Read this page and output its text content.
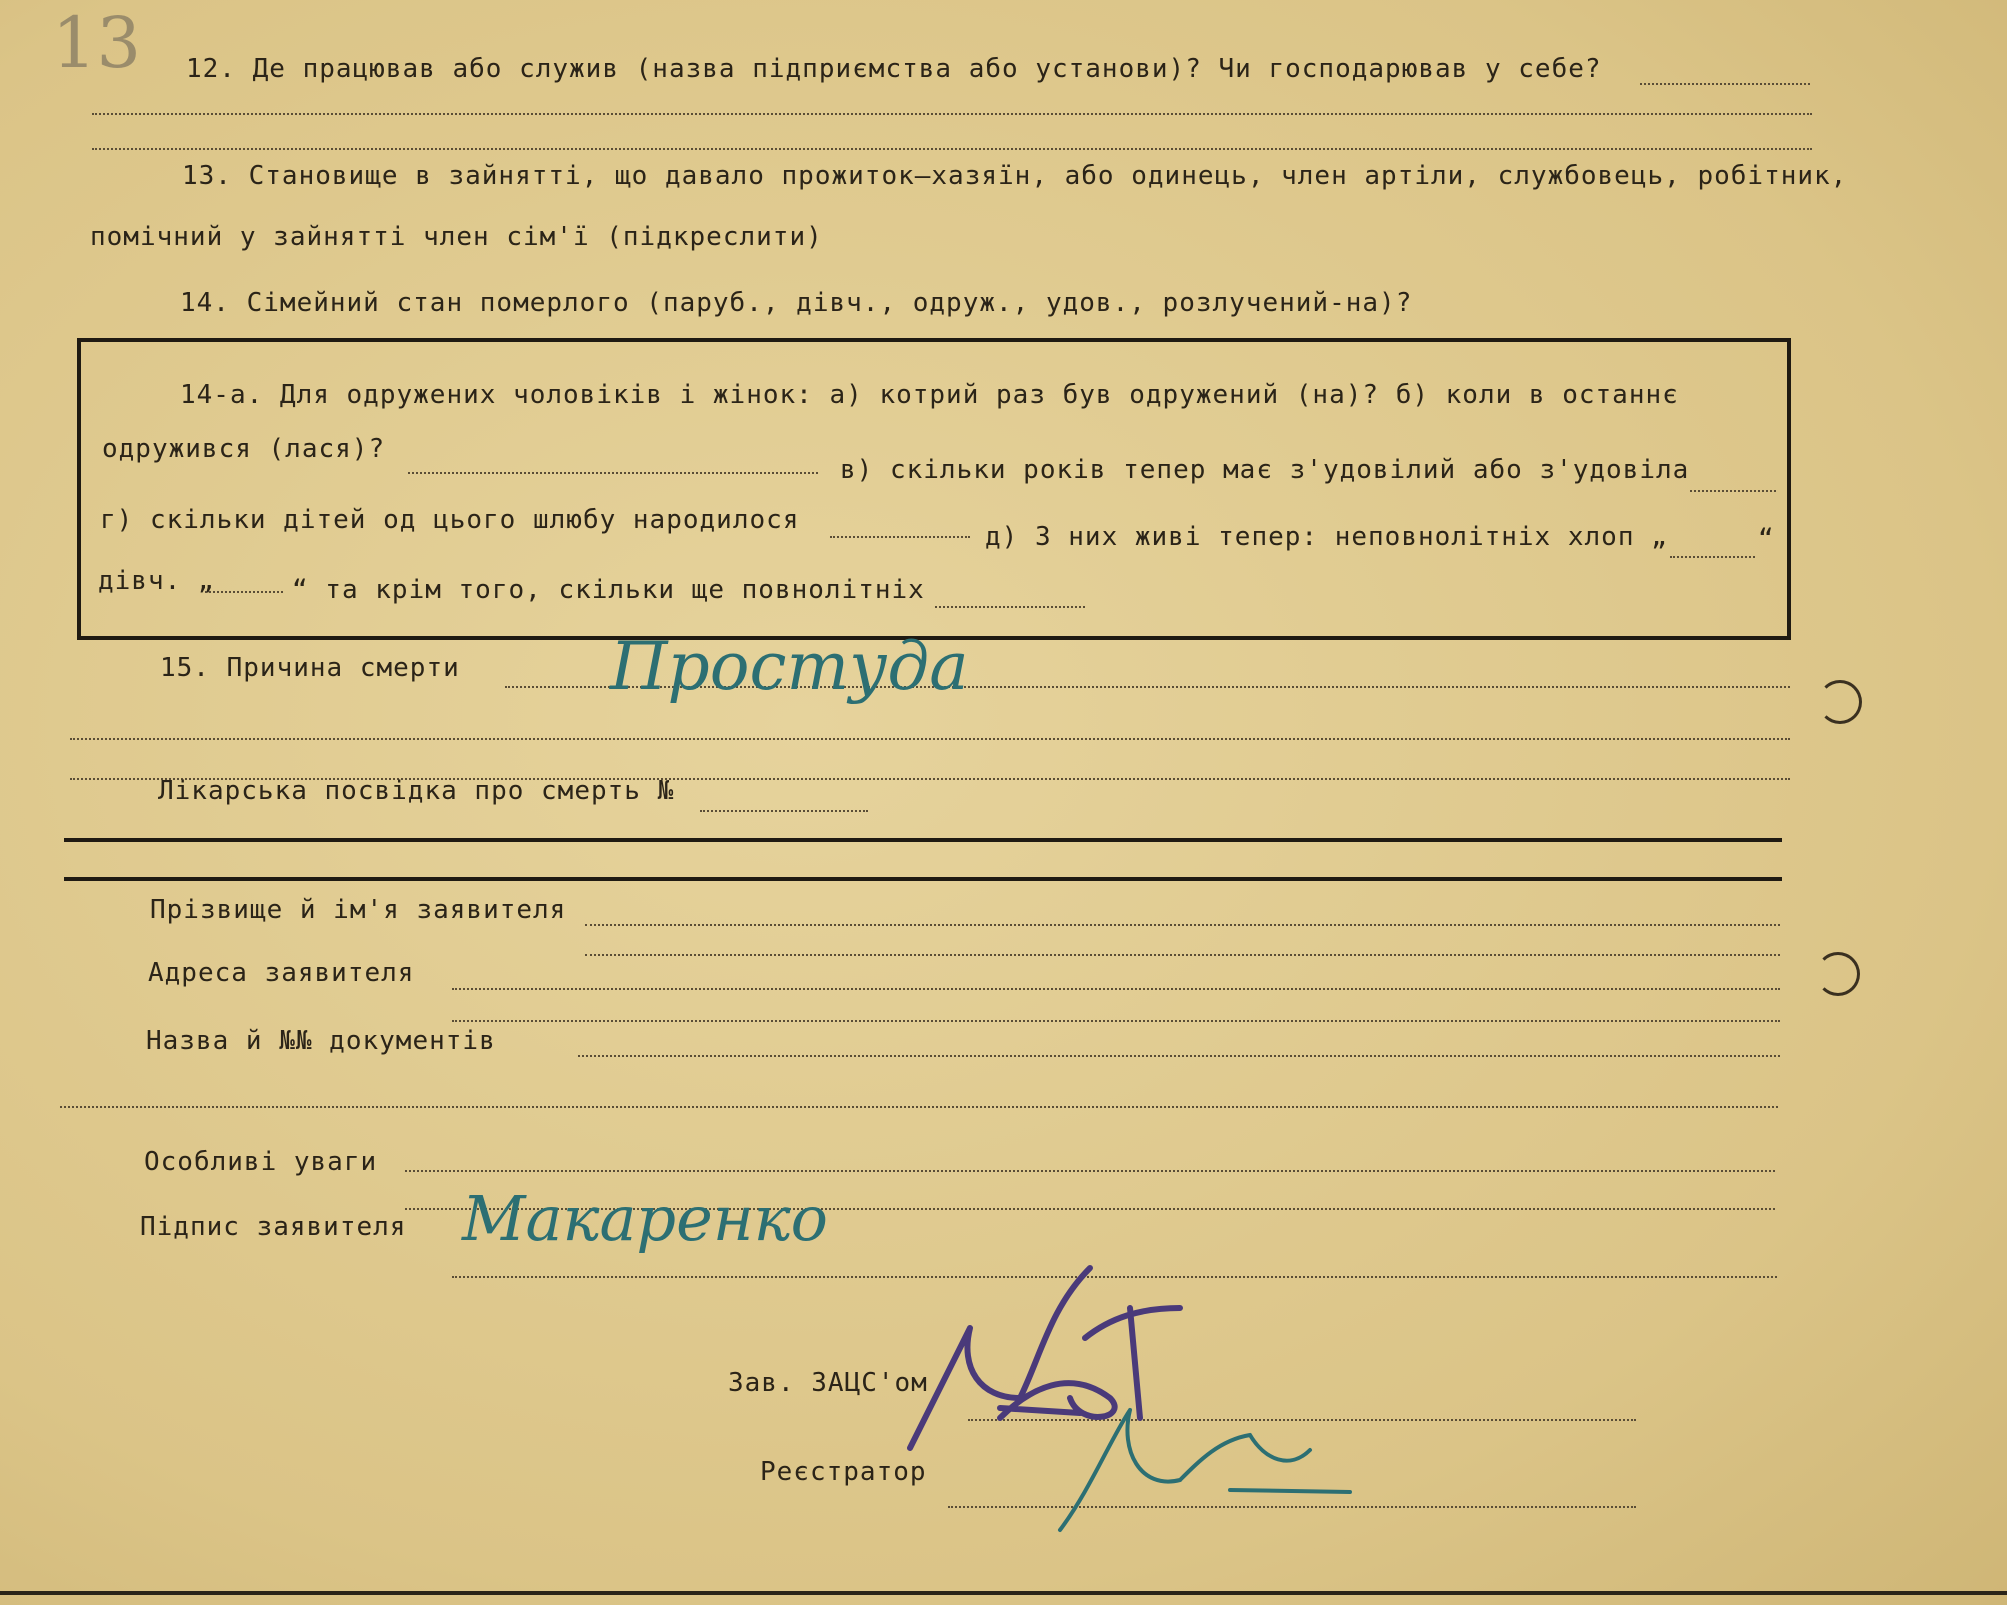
13 12. Де працював або служив (назва підприємства або установи)? Чи господарював у себе?
13. Становище в зайнятті, що давало прожиток—хазяїн, або одинець, член артіли, службовець, робітник,
помічний у зайнятті член сім'ї (підкреслити)
14. Сімейний стан померлого (паруб., дівч., одруж., удов., розлучений-на)?
14-а. Для одружених чоловіків і жінок: а) котрий раз був одружений (на)? б) коли в останнє
одружився (лася)?
в) скільки років тепер має з'удовілий або з'удовіла
г) скільки дітей од цього шлюбу народилося
д) З них живі тепер: неповнолітніх хлоп „	“
дівч. „	“ та крім того, скільки ще повнолітніх
15. Причина смерти Простуда
Лікарська посвідка про смерть №
Прізвище й ім'я заявителя
Адреса заявителя
Назва й №№ документів
Особливі уваги
Підпис заявителя Макаренко
Зав. ЗАЦС'ом
Реєстратор
